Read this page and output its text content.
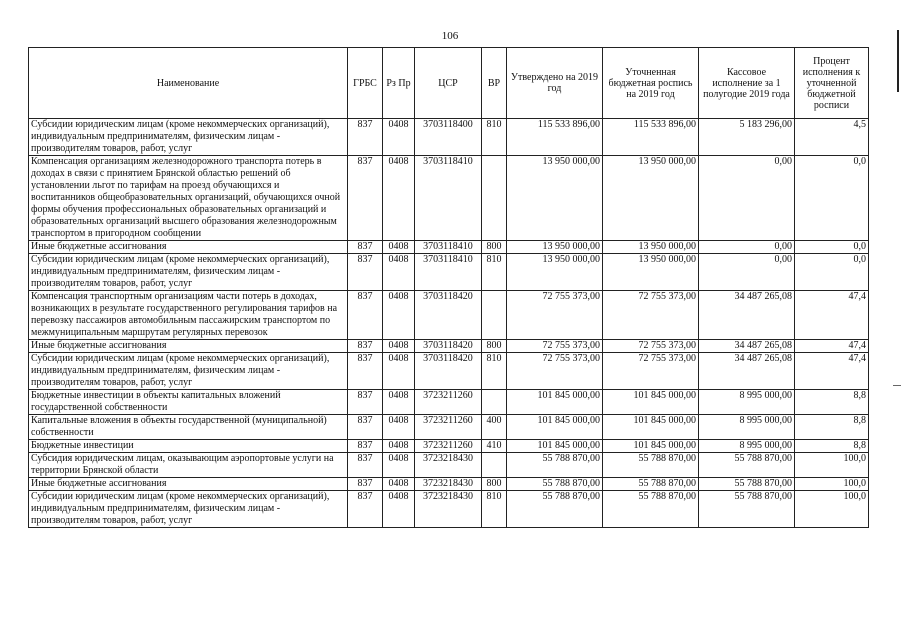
106
Наименование	ГРБС	Рз Пр	ЦСР	ВР	Утверждено на 2019 год	Уточненная бюджетная роспись на 2019 год	Кассовое исполнение за 1 полугодие 2019 года	Процент исполнения к уточненной бюджетной росписи
Субсидии юридическим лицам (кроме некоммерческих организаций), индивидуальным предпринимателям, физическим лицам - производителям товаров, работ, услуг	837	0408	3703118400	810	115 533 896,00	115 533 896,00	5 183 296,00	4,5
Компенсация организациям железнодорожного транспорта потерь в доходах в связи с принятием Брянской областью решений об установлении льгот по тарифам на проезд обучающихся и воспитанников общеобразовательных организаций, обучающихся очной формы обучения профессиональных образовательных организаций и образовательных организаций высшего образования железнодорожным транспортом в пригородном сообщении	837	0408	3703118410		13 950 000,00	13 950 000,00	0,00	0,0
Иные бюджетные ассигнования	837	0408	3703118410	800	13 950 000,00	13 950 000,00	0,00	0,0
Субсидии юридическим лицам (кроме некоммерческих организаций), индивидуальным предпринимателям, физическим лицам - производителям товаров, работ, услуг	837	0408	3703118410	810	13 950 000,00	13 950 000,00	0,00	0,0
Компенсация транспортным организациям части потерь в доходах, возникающих в результате государственного регулирования тарифов на перевозку пассажиров автомобильным пассажирским транспортом по межмуниципальным маршрутам регулярных перевозок	837	0408	3703118420		72 755 373,00	72 755 373,00	34 487 265,08	47,4
Иные бюджетные ассигнования	837	0408	3703118420	800	72 755 373,00	72 755 373,00	34 487 265,08	47,4
Субсидии юридическим лицам (кроме некоммерческих организаций), индивидуальным предпринимателям, физическим лицам - производителям товаров, работ, услуг	837	0408	3703118420	810	72 755 373,00	72 755 373,00	34 487 265,08	47,4
Бюджетные инвестиции в объекты капитальных вложений государственной собственности	837	0408	3723211260		101 845 000,00	101 845 000,00	8 995 000,00	8,8
Капитальные вложения в объекты государственной (муниципальной) собственности	837	0408	3723211260	400	101 845 000,00	101 845 000,00	8 995 000,00	8,8
Бюджетные инвестиции	837	0408	3723211260	410	101 845 000,00	101 845 000,00	8 995 000,00	8,8
Субсидия юридическим лицам, оказывающим аэропортовые услуги на территории Брянской области	837	0408	3723218430		55 788 870,00	55 788 870,00	55 788 870,00	100,0
Иные бюджетные ассигнования	837	0408	3723218430	800	55 788 870,00	55 788 870,00	55 788 870,00	100,0
Субсидии юридическим лицам (кроме некоммерческих организаций), индивидуальным предпринимателям, физическим лицам - производителям товаров, работ, услуг	837	0408	3723218430	810	55 788 870,00	55 788 870,00	55 788 870,00	100,0
